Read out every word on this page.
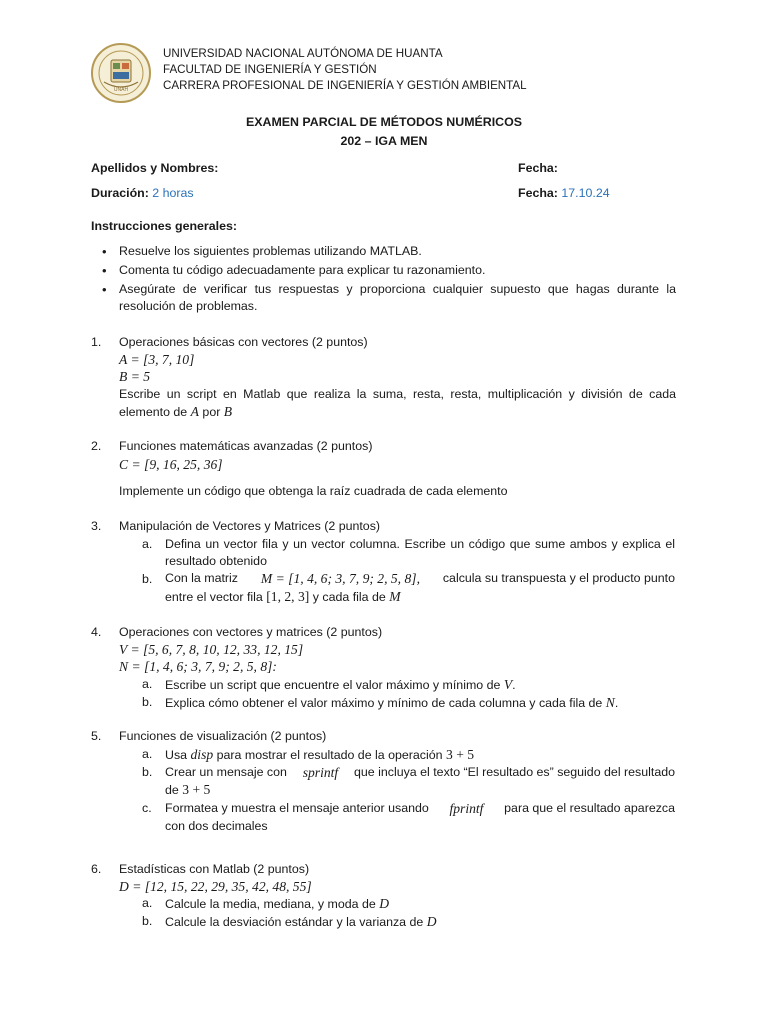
UNAH
UNIVERSIDAD NACIONAL AUTÓNOMA DE HUANTA
FACULTAD DE INGENIERÍA Y GESTIÓN
CARRERA PROFESIONAL DE INGENIERÍA Y GESTIÓN AMBIENTAL
EXAMEN PARCIAL DE MÉTODOS NUMÉRICOS
202 – IGA MEN
Apellidos y Nombres:	Fecha:
Duración: 2 horas	Fecha: 17.10.24
Instrucciones generales:
• Resuelve los siguientes problemas utilizando MATLAB.
• Comenta tu código adecuadamente para explicar tu razonamiento.
• Asegúrate de verificar tus respuestas y proporciona cualquier supuesto que hagas durante la
resolución de problemas.
1. Operaciones básicas con vectores (2 puntos)
A = [3, 7, 10]
B = 5
Escribe un script en Matlab que realiza la suma, resta, resta, multiplicación y división de cada
elemento de A por B
2. Funciones matemáticas avanzadas (2 puntos)
C = [9, 16, 25, 36]
Implemente un código que obtenga la raíz cuadrada de cada elemento
3. Manipulación de Vectores y Matrices (2 puntos)
a. Defina un vector fila y un vector columna. Escribe un código que sume ambos y explica el
resultado obtenido
b. Con la matriz M = [1, 4, 6; 3, 7, 9; 2, 5, 8], calcula su transpuesta y el producto punto
entre el vector fila [1, 2, 3] y cada fila de M
4. Operaciones con vectores y matrices (2 puntos)
V = [5, 6, 7, 8, 10, 12, 33, 12, 15]
N = [1, 4, 6; 3, 7, 9; 2, 5, 8]:
a. Escribe un script que encuentre el valor máximo y mínimo de V.
b. Explica cómo obtener el valor máximo y mínimo de cada columna y cada fila de N.
5. Funciones de visualización (2 puntos)
a. Usa disp para mostrar el resultado de la operación 3 + 5
b. Crear un mensaje con sprintf que incluya el texto “El resultado es” seguido del resultado
de 3 + 5
c. Formatea y muestra el mensaje anterior usando fprintf para que el resultado aparezca
con dos decimales
6. Estadísticas con Matlab (2 puntos)
D = [12, 15, 22, 29, 35, 42, 48, 55]
a. Calcule la media, mediana, y moda de D
b. Calcule la desviación estándar y la varianza de D
